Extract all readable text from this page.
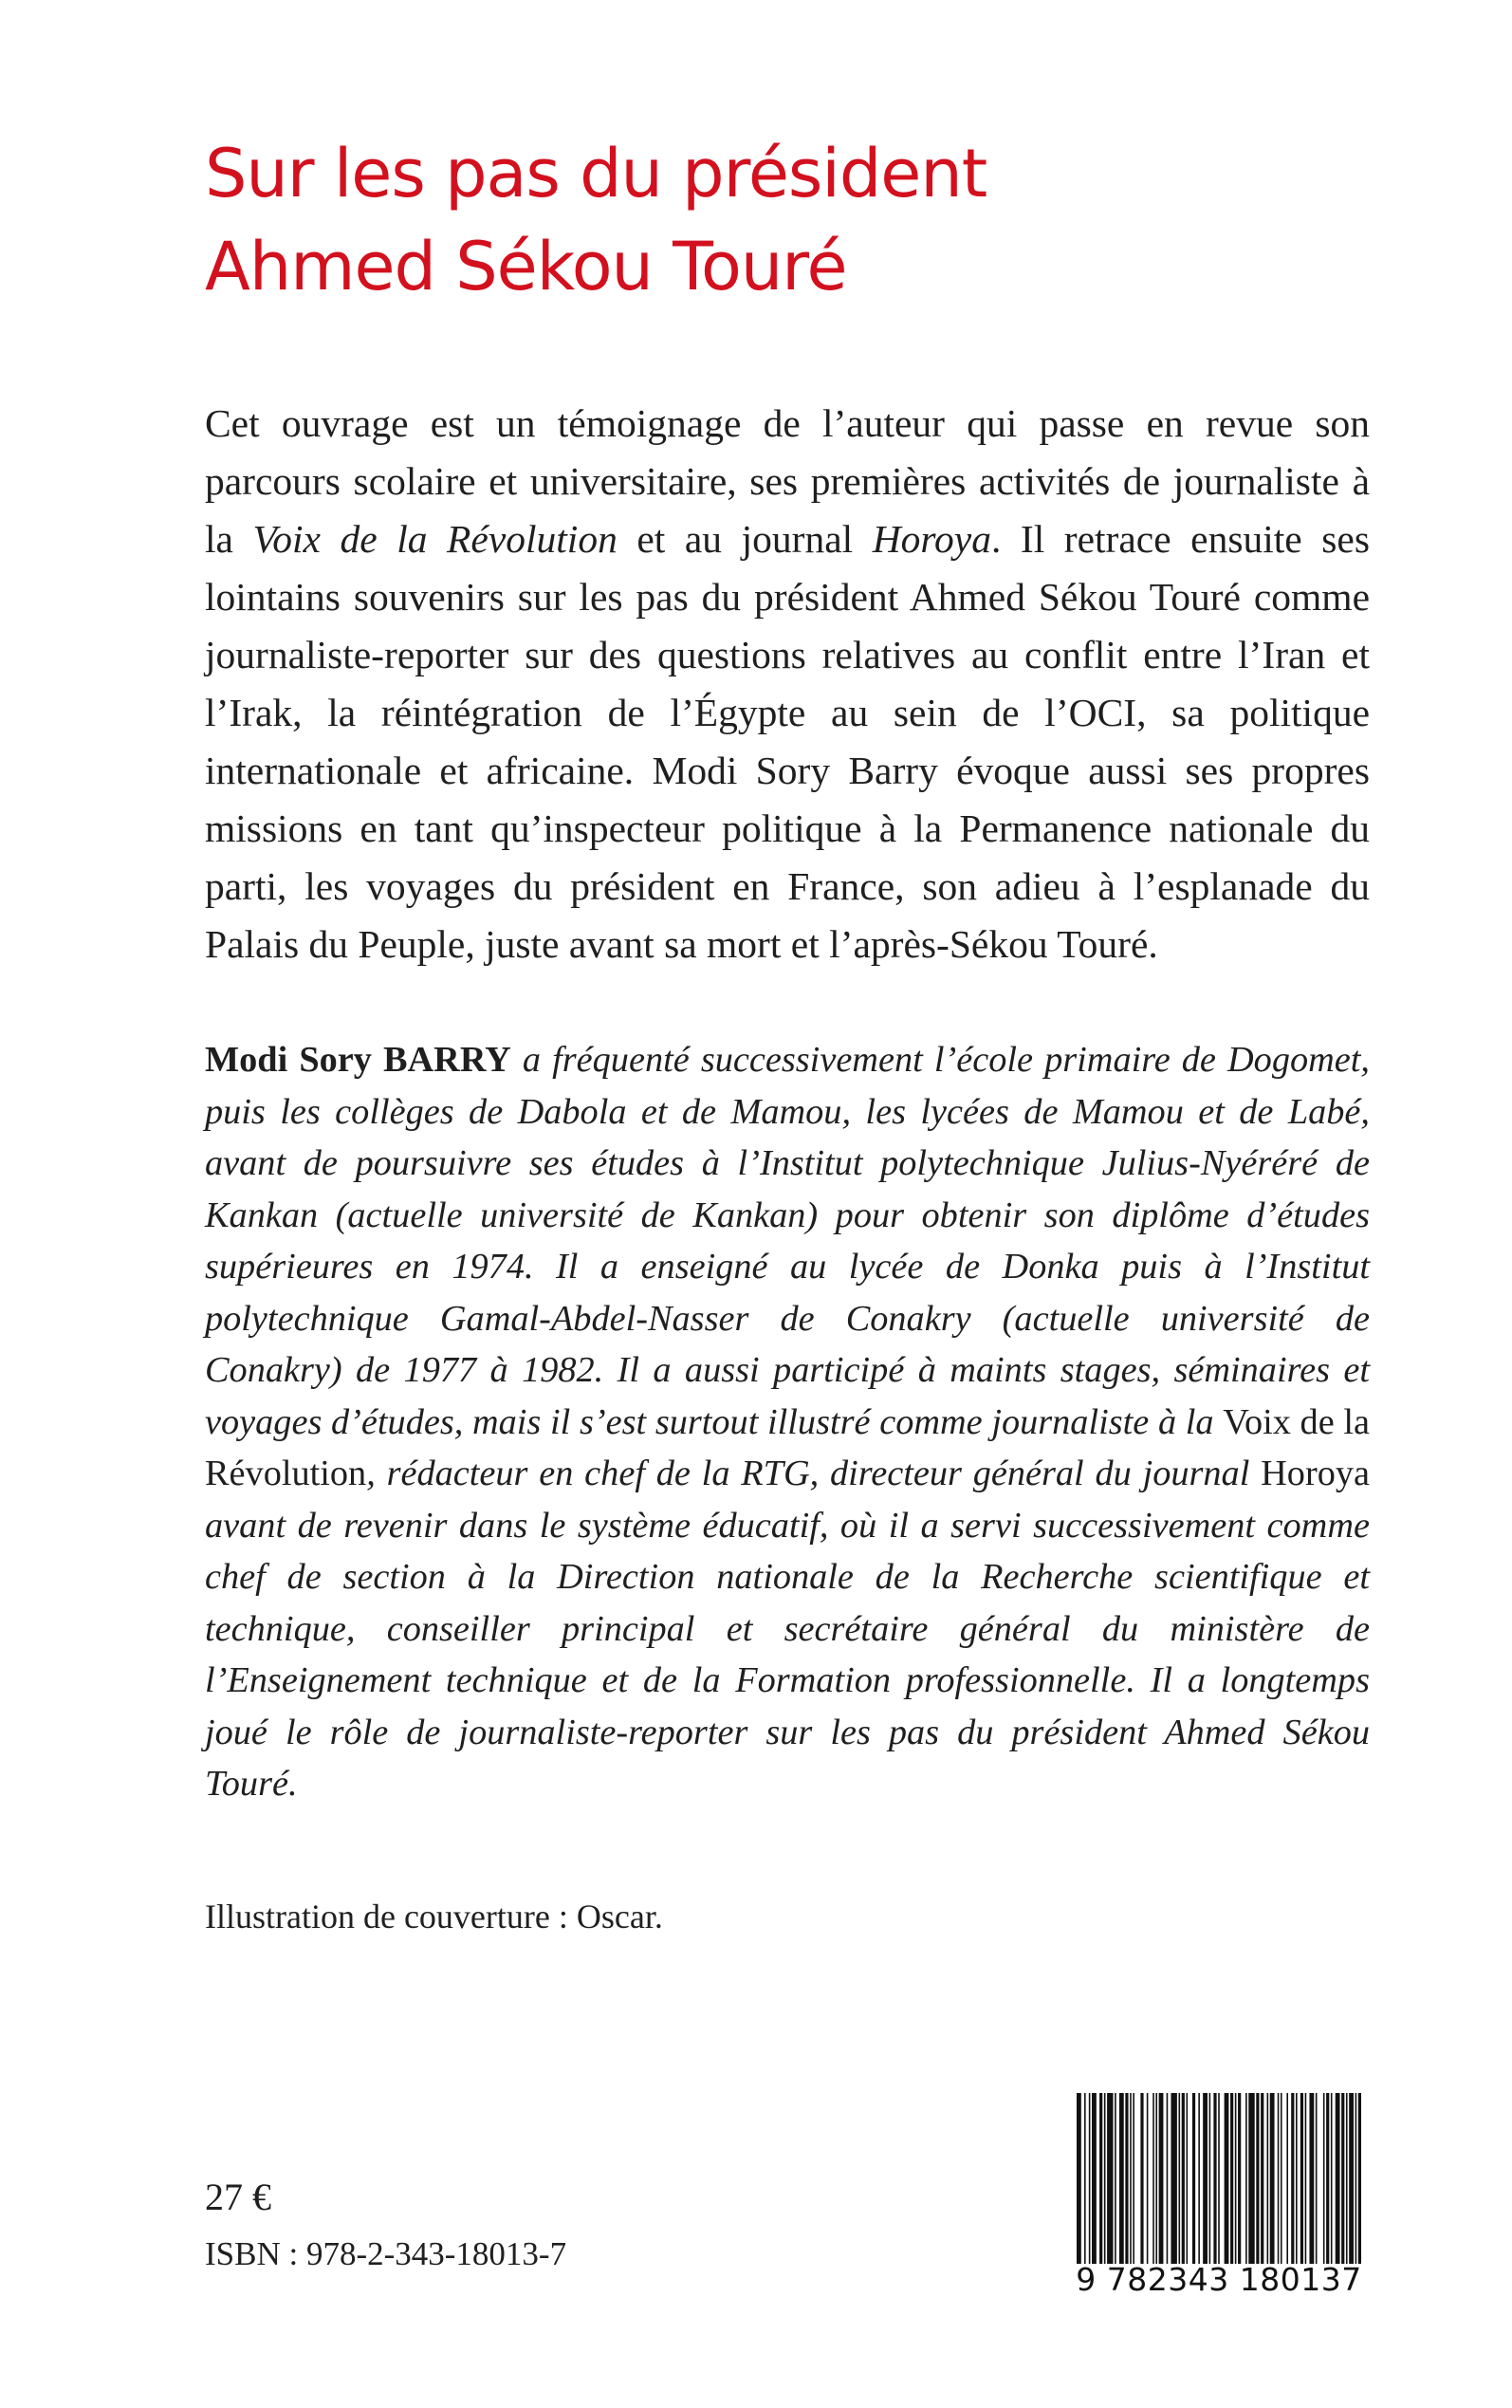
Sur les pas du président
Ahmed Sékou Touré

Cet ouvrage est un témoignage de l’auteur qui passe en revue son parcours scolaire et universitaire, ses premières activités de journaliste à la Voix de la Révolution et au journal Horoya. Il retrace ensuite ses lointains souvenirs sur les pas du président Ahmed Sékou Touré comme journaliste-reporter sur des questions relatives au conflit entre l’Iran et l’Irak, la réintégration de l’Égypte au sein de l’OCI, sa politique internationale et africaine. Modi Sory Barry évoque aussi ses propres missions en tant qu’inspecteur politique à la Permanence nationale du parti, les voyages du président en France, son adieu à l’esplanade du Palais du Peuple, juste avant sa mort et l’après-Sékou Touré.

Modi Sory BARRY a fréquenté successivement l’école primaire de Dogomet, puis les collèges de Dabola et de Mamou, les lycées de Mamou et de Labé, avant de poursuivre ses études à l’Institut polytechnique Julius-Nyéréré de Kankan (actuelle université de Kankan) pour obtenir son diplôme d’études supérieures en 1974. Il a enseigné au lycée de Donka puis à l’Institut polytechnique Gamal-Abdel-Nasser de Conakry (actuelle université de Conakry) de 1977 à 1982. Il a aussi participé à maints stages, séminaires et voyages d’études, mais il s’est surtout illustré comme journaliste à la Voix de la Révolution, rédacteur en chef de la RTG, directeur général du journal Horoya avant de revenir dans le système éducatif, où il a servi successivement comme chef de section à la Direction nationale de la Recherche scientifique et technique, conseiller principal et secrétaire général du ministère de l’Enseignement technique et de la Formation professionnelle. Il a longtemps joué le rôle de journaliste-reporter sur les pas du président Ahmed Sékou Touré.

Illustration de couverture : Oscar.

27 €
ISBN : 978-2-343-18013-7
9 782343 180137
